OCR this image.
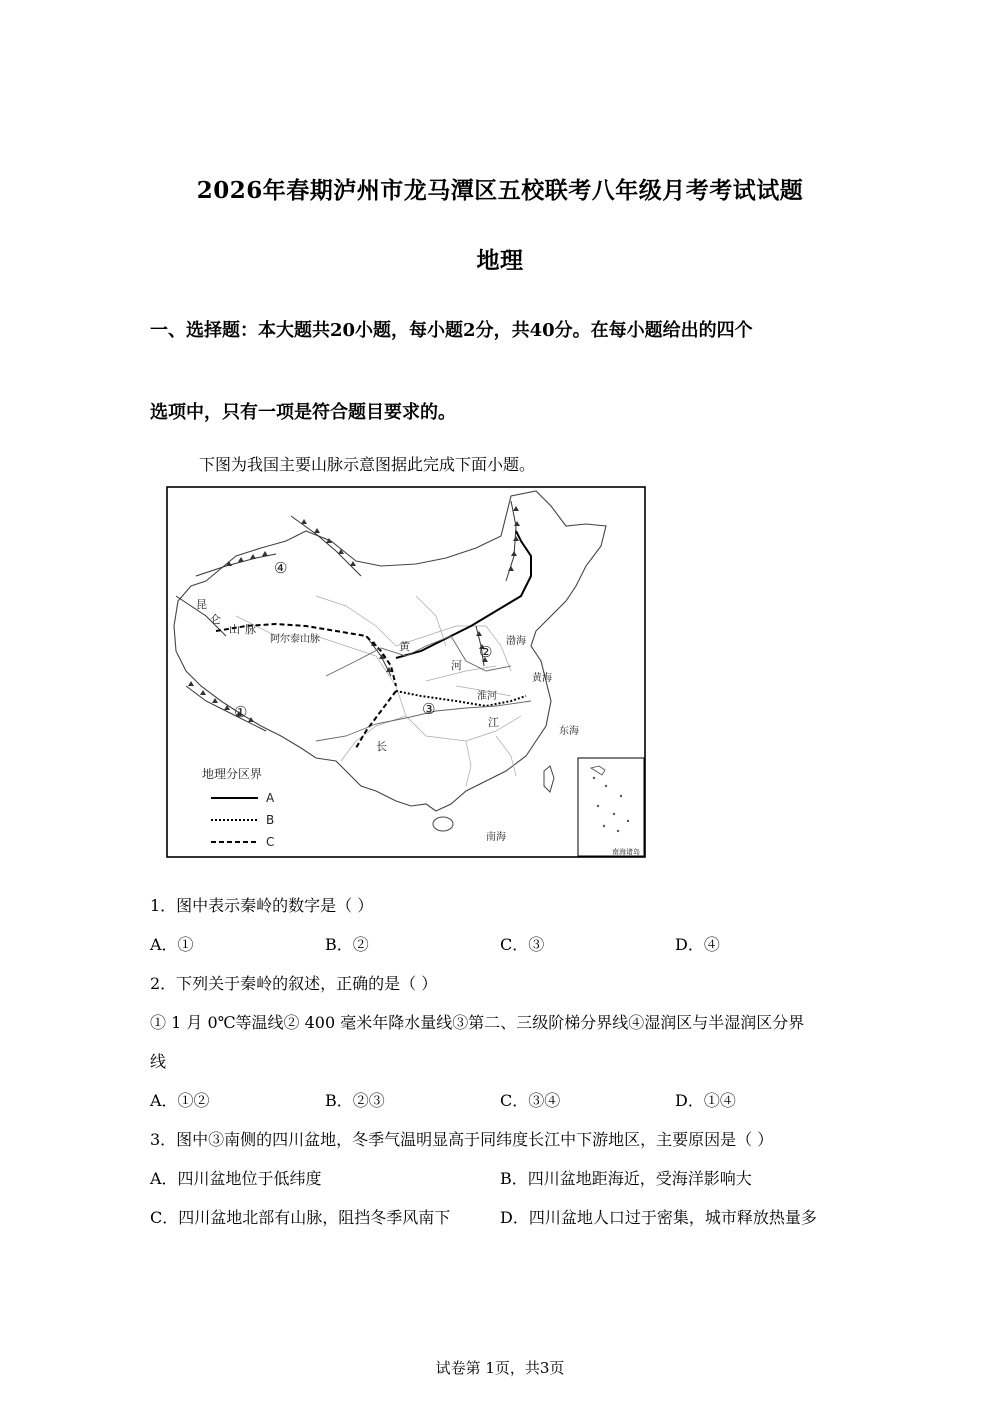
2026年春期泸州市龙马潭区五校联考八年级月考考试试题
地理
一、选择题：本大题共20小题，每小题2分，共40分。在每小题给出的四个
选项中，只有一项是符合题目要求的。
下图为我国主要山脉示意图据此完成下面小题。
昆
仑
山 脉
阿尔泰山脉
黄
河
渤海
黄海
淮河
江
长
东海
南海
南海诸岛
①
②
③
④
地理分区界
A
B
C
1．图中表示秦岭的数字是（ ）
A．①	B．②	C．③	D．④
2．下列关于秦岭的叙述，正确的是（ ）
① 1 月 0℃等温线② 400 毫米年降水量线③第二、三级阶梯分界线④湿润区与半湿润区分界
线
A．①②	B．②③	C．③④	D．①④
3．图中③南侧的四川盆地，冬季气温明显高于同纬度长江中下游地区，主要原因是（ ）
A．四川盆地位于低纬度	B．四川盆地距海近，受海洋影响大
C．四川盆地北部有山脉，阻挡冬季风南下	D．四川盆地人口过于密集，城市释放热量多
试卷第 1页，共3页
